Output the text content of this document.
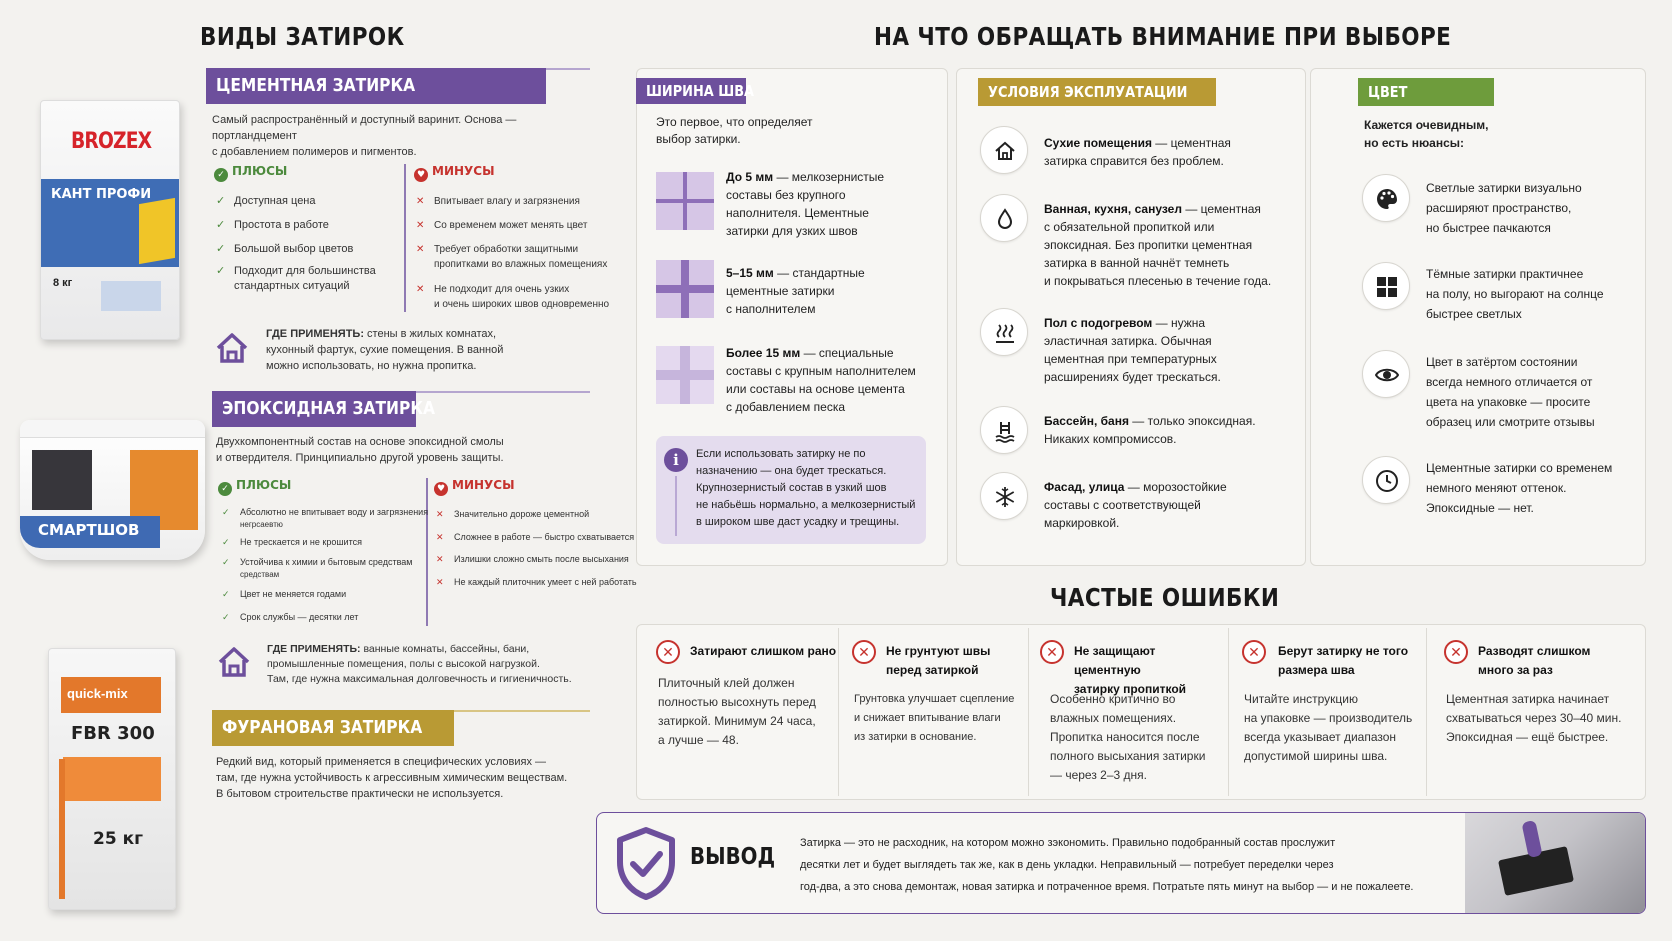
ВИДЫ ЗАТИРОК	НА ЧТО ОБРАЩАТЬ ВНИМАНИЕ ПРИ ВЫБОРЕ
ЧАСТЫЕ ОШИБКИ
BROZEX
КАНТ ПРОФИ
8 кг
СМАРТШОВ
quick-mix
FBR 300
25 кг
ЦЕМЕНТНАЯ ЗАТИРКА
Самый распространённый и доступный варинит. Основа — портландцемент
с добавлением полимеров и пигментов.
✓ ПЛЮСЫ	♥ МИНУСЫ
✓ Доступная цена
✓ Простота в работе
✓ Большой выбор цветов
✓ Подходит для большинства
стандартных ситуаций
✕ Впитывает влагу и загрязнения
✕ Со временем может менять цвет
✕ Требует обработки защитными
пропитками во влажных помещениях
✕ Не подходит для очень узких
и очень широких швов одновременно
ГДЕ ПРИМЕНЯТЬ: стены в жилых комнатах,
кухонный фартук, сухие помещения. В ванной
можно использовать, но нужна пропитка.
ЭПОКСИДНАЯ ЗАТИРКА
Двухкомпонентный состав на основе эпоксидной смолы
и отвердителя. Принципиально другой уровень защиты.
✓ ПЛЮСЫ	♥ МИНУСЫ
✓ Абсолютно не впитывает воду и загрязнения
негрсаевтю
✓ Не трескается и не крошится
✓ Устойчива к химии и бытовым средствам
средствам
✓ Цвет не меняется годами
✓ Срок службы — десятки лет
✕ Значительно дороже цементной
✕ Сложнее в работе — быстро схватывается
✕ Излишки сложно смыть после высыхания
✕ Не каждый плиточник умеет с ней работать
ГДЕ ПРИМЕНЯТЬ: ванные комнаты, бассейны, бани,
промышленные помещения, полы с высокой нагрузкой.
Там, где нужна максимальная долговечность и гигиеничность.
ФУРАНОВАЯ ЗАТИРКА
Редкий вид, который применяется в специфических условиях —
там, где нужна устойчивость к агрессивным химическим веществам.
В бытовом строительстве практически не используется.
ШИРИНА ШВА
Это первое, что определяет
выбор затирки.
До 5 мм — мелкозернистые
составы без крупного
наполнителя. Цементные
затирки для узких швов
5–15 мм — стандартные
цементные затирки
с наполнителем
Более 15 мм — специальные
составы с крупным наполнителем
или составы на основе цемента
с добавлением песка
i	Если использовать затирку не по
назначению — она будет трескаться.
Крупнозернистый состав в узкий шов
не набьёшь нормально, а мелкозернистый
в широком шве даст усадку и трещины.
УСЛОВИЯ ЭКСПЛУАТАЦИИ
Сухие помещения — цементная
затирка справится без проблем.
Ванная, кухня, санузел — цементная
с обязательной пропиткой или
эпоксидная. Без пропитки цементная
затирка в ванной начнёт темнеть
и покрываться плесенью в течение года.
Пол с подогревом — нужна
эластичная затирка. Обычная
цементная при температурных
расширениях будет трескаться.
Бассейн, баня — только эпоксидная.
Никаких компромиссов.
Фасад, улица — морозостойкие
составы с соответствующей
маркировкой.
ЦВЕТ
Кажется очевидным,
но есть нюансы:
Светлые затирки визуально
расширяют пространство,
но быстрее пачкаются
Тёмные затирки практичнее
на полу, но выгорают на солнце
быстрее светлых
Цвет в затёртом состоянии
всегда немного отличается от
цвета на упаковке — просите
образец или смотрите отзывы
Цементные затирки со временем
немного меняют оттенок.
Эпоксидные — нет.
✕	Затирают слишком рано
Плиточный клей должен
полностью высохнуть перед
затиркой. Минимум 24 часа,
а лучше — 48.
✕	Не грунтуют швы
перед затиркой
Грунтовка улучшает сцепление
и снижает впитывание влаги
из затирки в основание.
✕	Не защищают цементную
затирку пропиткой
Особенно критично во
влажных помещениях.
Пропитка наносится после
полного высыхания затирки
— через 2–3 дня.
✕	Берут затирку не того
размера шва
Читайте инструкцию
на упаковке — производитель
всегда указывает диапазон
допустимой ширины шва.
✕	Разводят слишком
много за раз
Цементная затирка начинает
схватываться через 30–40 мин.
Эпоксидная — ещё быстрее.
ВЫВОД
Затирка — это не расходник, на котором можно зэкономить. Правильно подобранный состав прослужит
десятки лет и будет выглядеть так же, как в день укладки. Неправильный — потребует переделки через
год-два, а это снова демонтаж, новая затирка и потраченное время. Потратьте пять минут на выбор — и не пожалеете.
